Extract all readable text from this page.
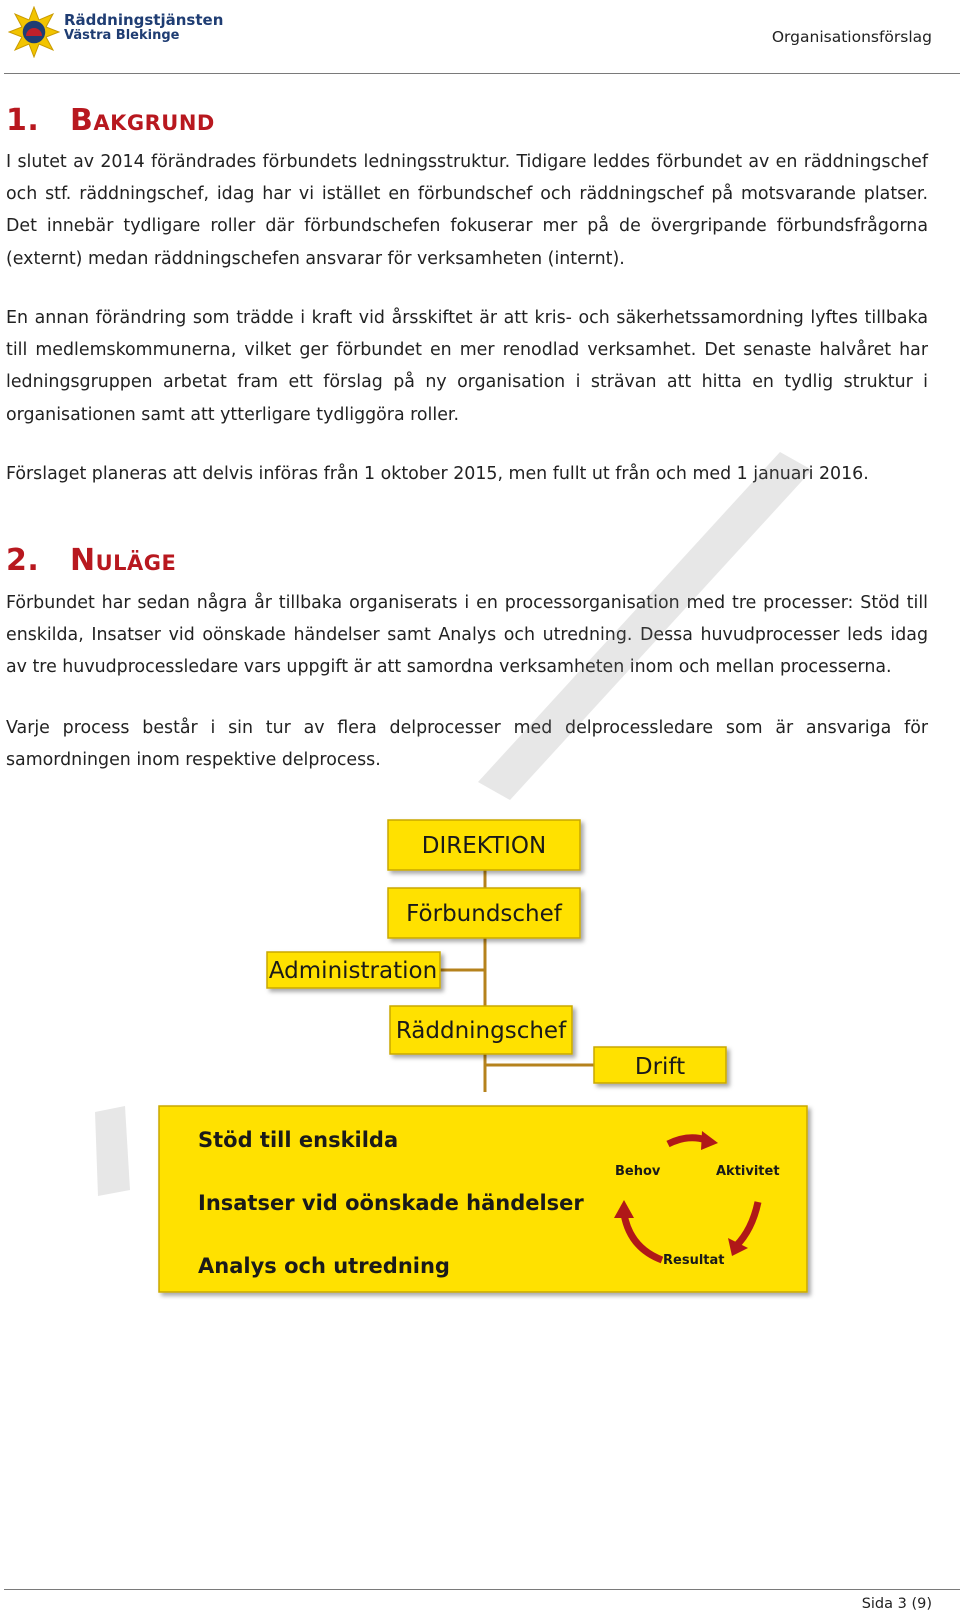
Räddningstjänsten
Västra Blekinge	Organisationsförslag
1. Bakgrund

I slutet av 2014 förändrades förbundets ledningsstruktur. Tidigare leddes förbundet av en räddningschef och stf. räddningschef, idag har vi istället en förbundschef och räddningschef på motsvarande platser. Det innebär tydligare roller där förbundschefen fokuserar mer på de övergripande förbundsfrågorna (externt) medan räddningschefen ansvarar för verksamheten (internt).

En annan förändring som trädde i kraft vid årsskiftet är att kris- och säkerhetssamordning lyftes tillbaka till medlemskommunerna, vilket ger förbundet en mer renodlad verksamhet. Det senaste halvåret har ledningsgruppen arbetat fram ett förslag på ny organisation i strävan att hitta en tydlig struktur i organisationen samt att ytterligare tydliggöra roller.

Förslaget planeras att delvis införas från 1 oktober 2015, men fullt ut från och med 1 januari 2016.

2. Nuläge

Förbundet har sedan några år tillbaka organiserats i en processorganisation med tre processer: Stöd till enskilda, Insatser vid oönskade händelser samt Analys och utredning. Dessa huvudprocesser leds idag av tre huvudprocessledare vars uppgift är att samordna verksamheten inom och mellan processerna.

Varje process består i sin tur av flera delprocesser med delprocessledare som är ansvariga för samordningen inom respektive delprocess.

DIREKTION
Förbundschef
Administration
Räddningschef
Drift
Stöd till enskilda
Insatser vid oönskade händelser
Analys och utredning
Behov	Aktivitet
Resultat
Sida 3 (9)
